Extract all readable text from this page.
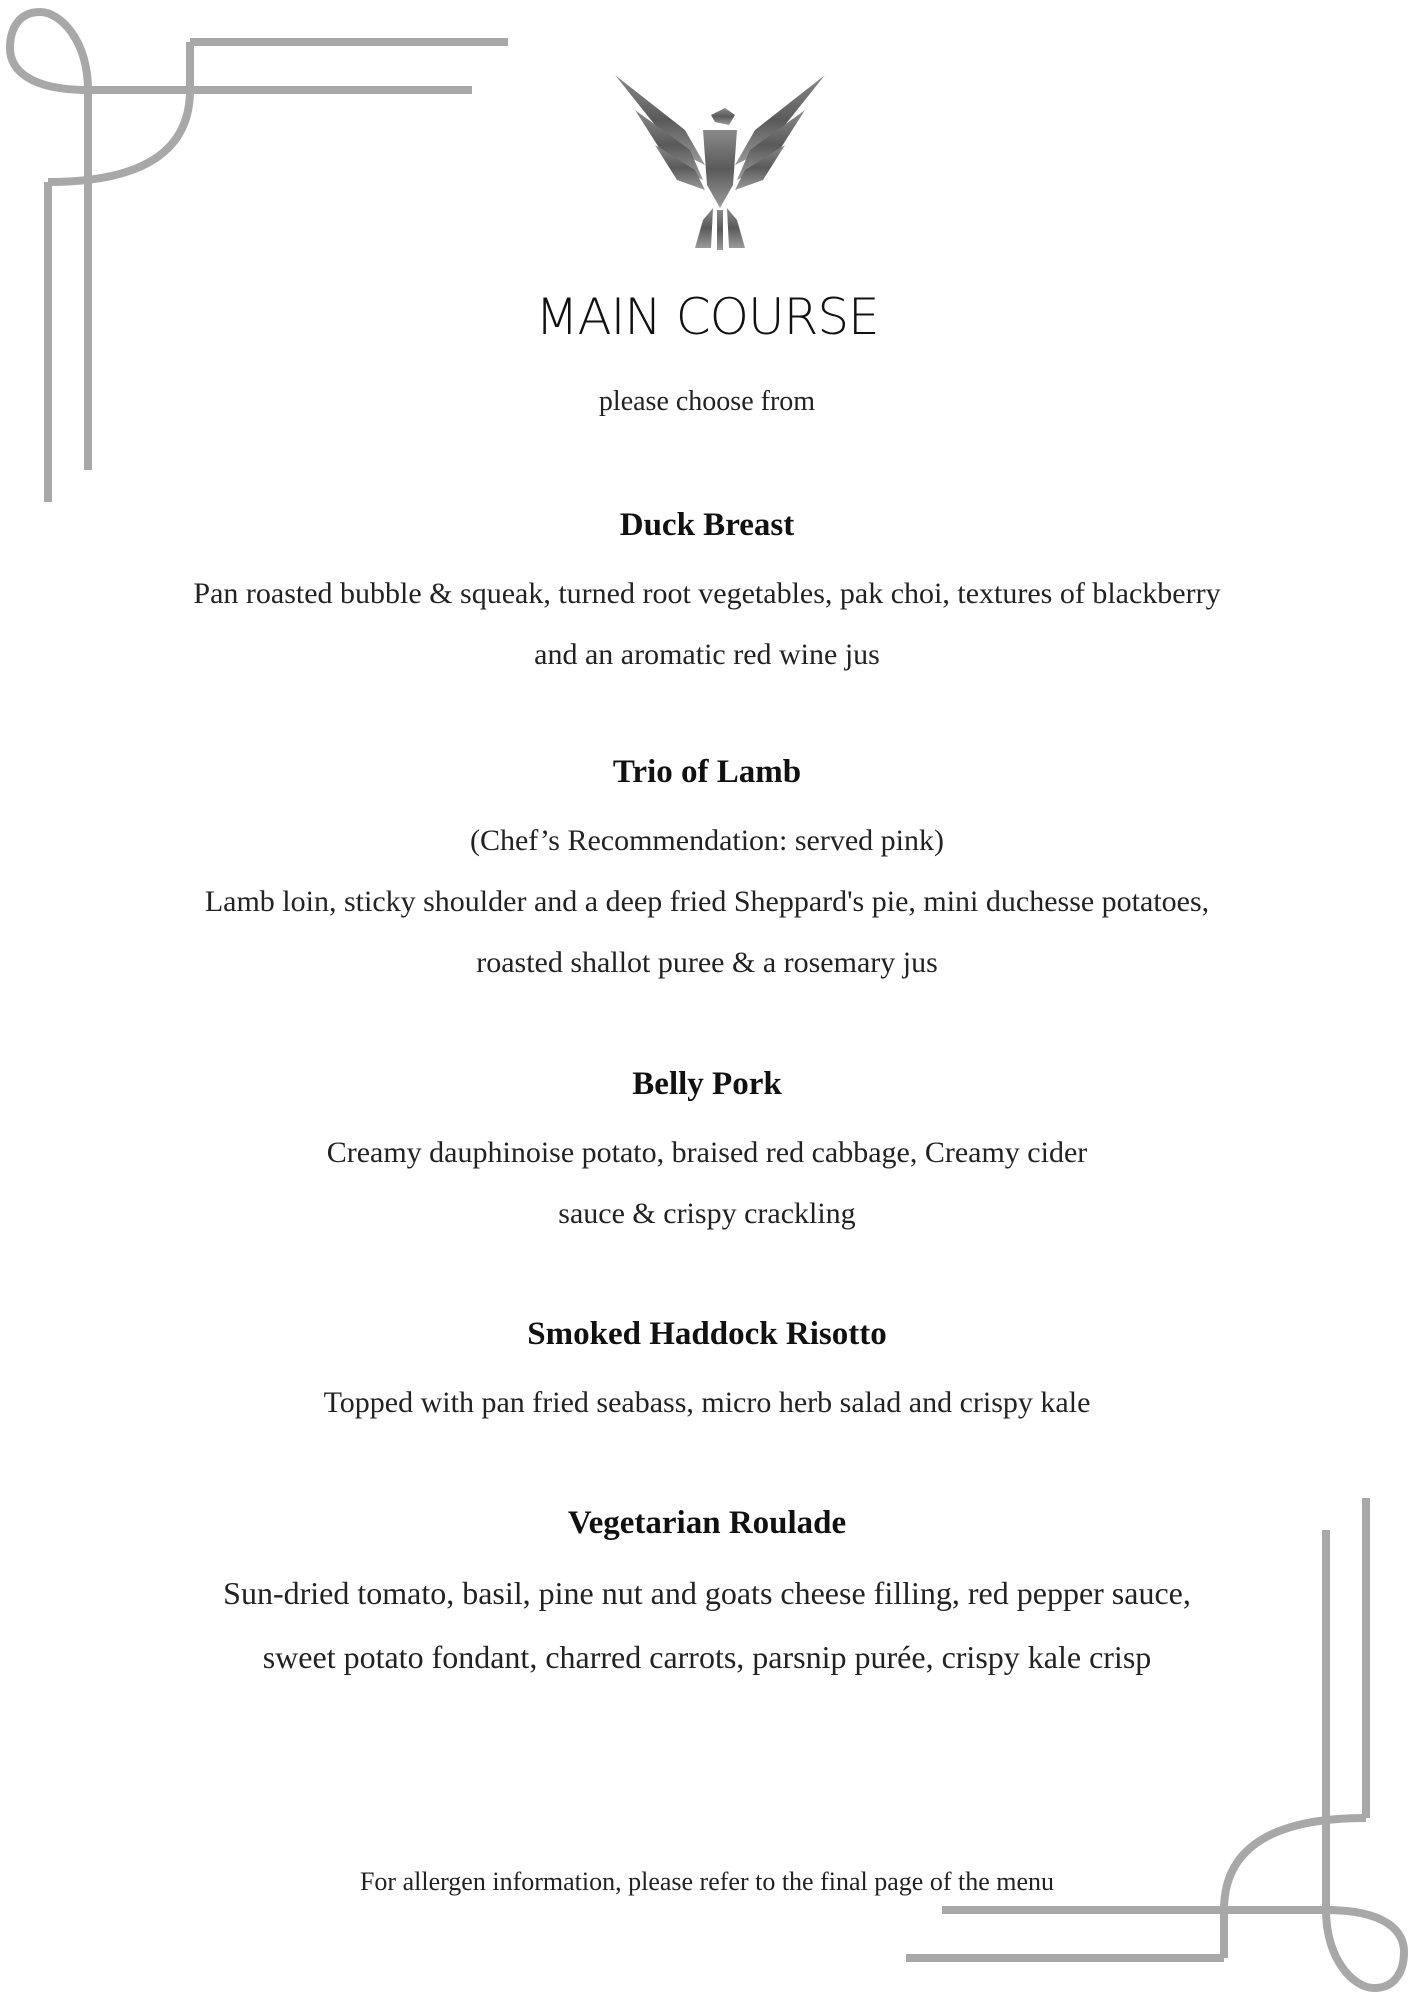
MAIN COURSE

please choose from

Duck Breast

Pan roasted bubble & squeak, turned root vegetables, pak choi, textures of blackberry

and an aromatic red wine jus

Trio of Lamb

(Chef’s Recommendation: served pink)

Lamb loin, sticky shoulder and a deep fried Sheppard's pie, mini duchesse potatoes,

roasted shallot puree & a rosemary jus

Belly Pork

Creamy dauphinoise potato, braised red cabbage, Creamy cider

sauce & crispy crackling

Smoked Haddock Risotto

Topped with pan fried seabass, micro herb salad and crispy kale

Vegetarian Roulade

Sun-dried tomato, basil, pine nut and goats cheese filling, red pepper sauce,

sweet potato fondant, charred carrots, parsnip purée, crispy kale crisp

For allergen information, please refer to the final page of the menu
